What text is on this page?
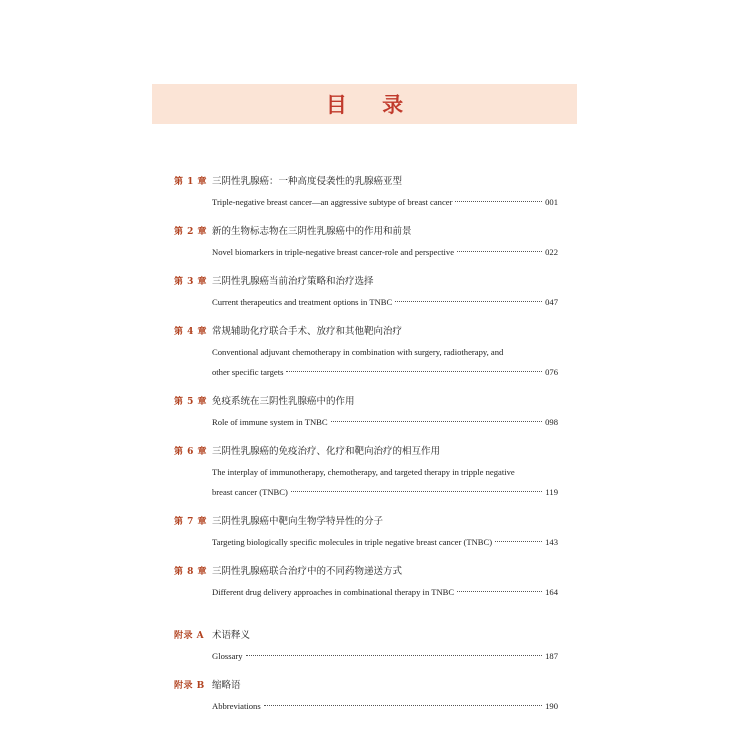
目 录
第 1 章 三阴性乳腺癌：一种高度侵袭性的乳腺癌亚型
Triple-negative breast cancer—an aggressive subtype of breast cancer	001
第 2 章 新的生物标志物在三阴性乳腺癌中的作用和前景
Novel biomarkers in triple-negative breast cancer-role and perspective	022
第 3 章 三阴性乳腺癌当前治疗策略和治疗选择
Current therapeutics and treatment options in TNBC	047
第 4 章 常规辅助化疗联合手术、放疗和其他靶向治疗
Conventional adjuvant chemotherapy in combination with surgery, radiotherapy, and
other specific targets	076
第 5 章 免疫系统在三阴性乳腺癌中的作用
Role of immune system in TNBC	098
第 6 章 三阴性乳腺癌的免疫治疗、化疗和靶向治疗的相互作用
The interplay of immunotherapy, chemotherapy, and targeted therapy in tripple negative
breast cancer (TNBC)	119
第 7 章 三阴性乳腺癌中靶向生物学特异性的分子
Targeting biologically specific molecules in triple negative breast cancer (TNBC)	143
第 8 章 三阴性乳腺癌联合治疗中的不同药物递送方式
Different drug delivery approaches in combinational therapy in TNBC	164
附录 A 术语释义
Glossary	187
附录 B 缩略语
Abbreviations	190
